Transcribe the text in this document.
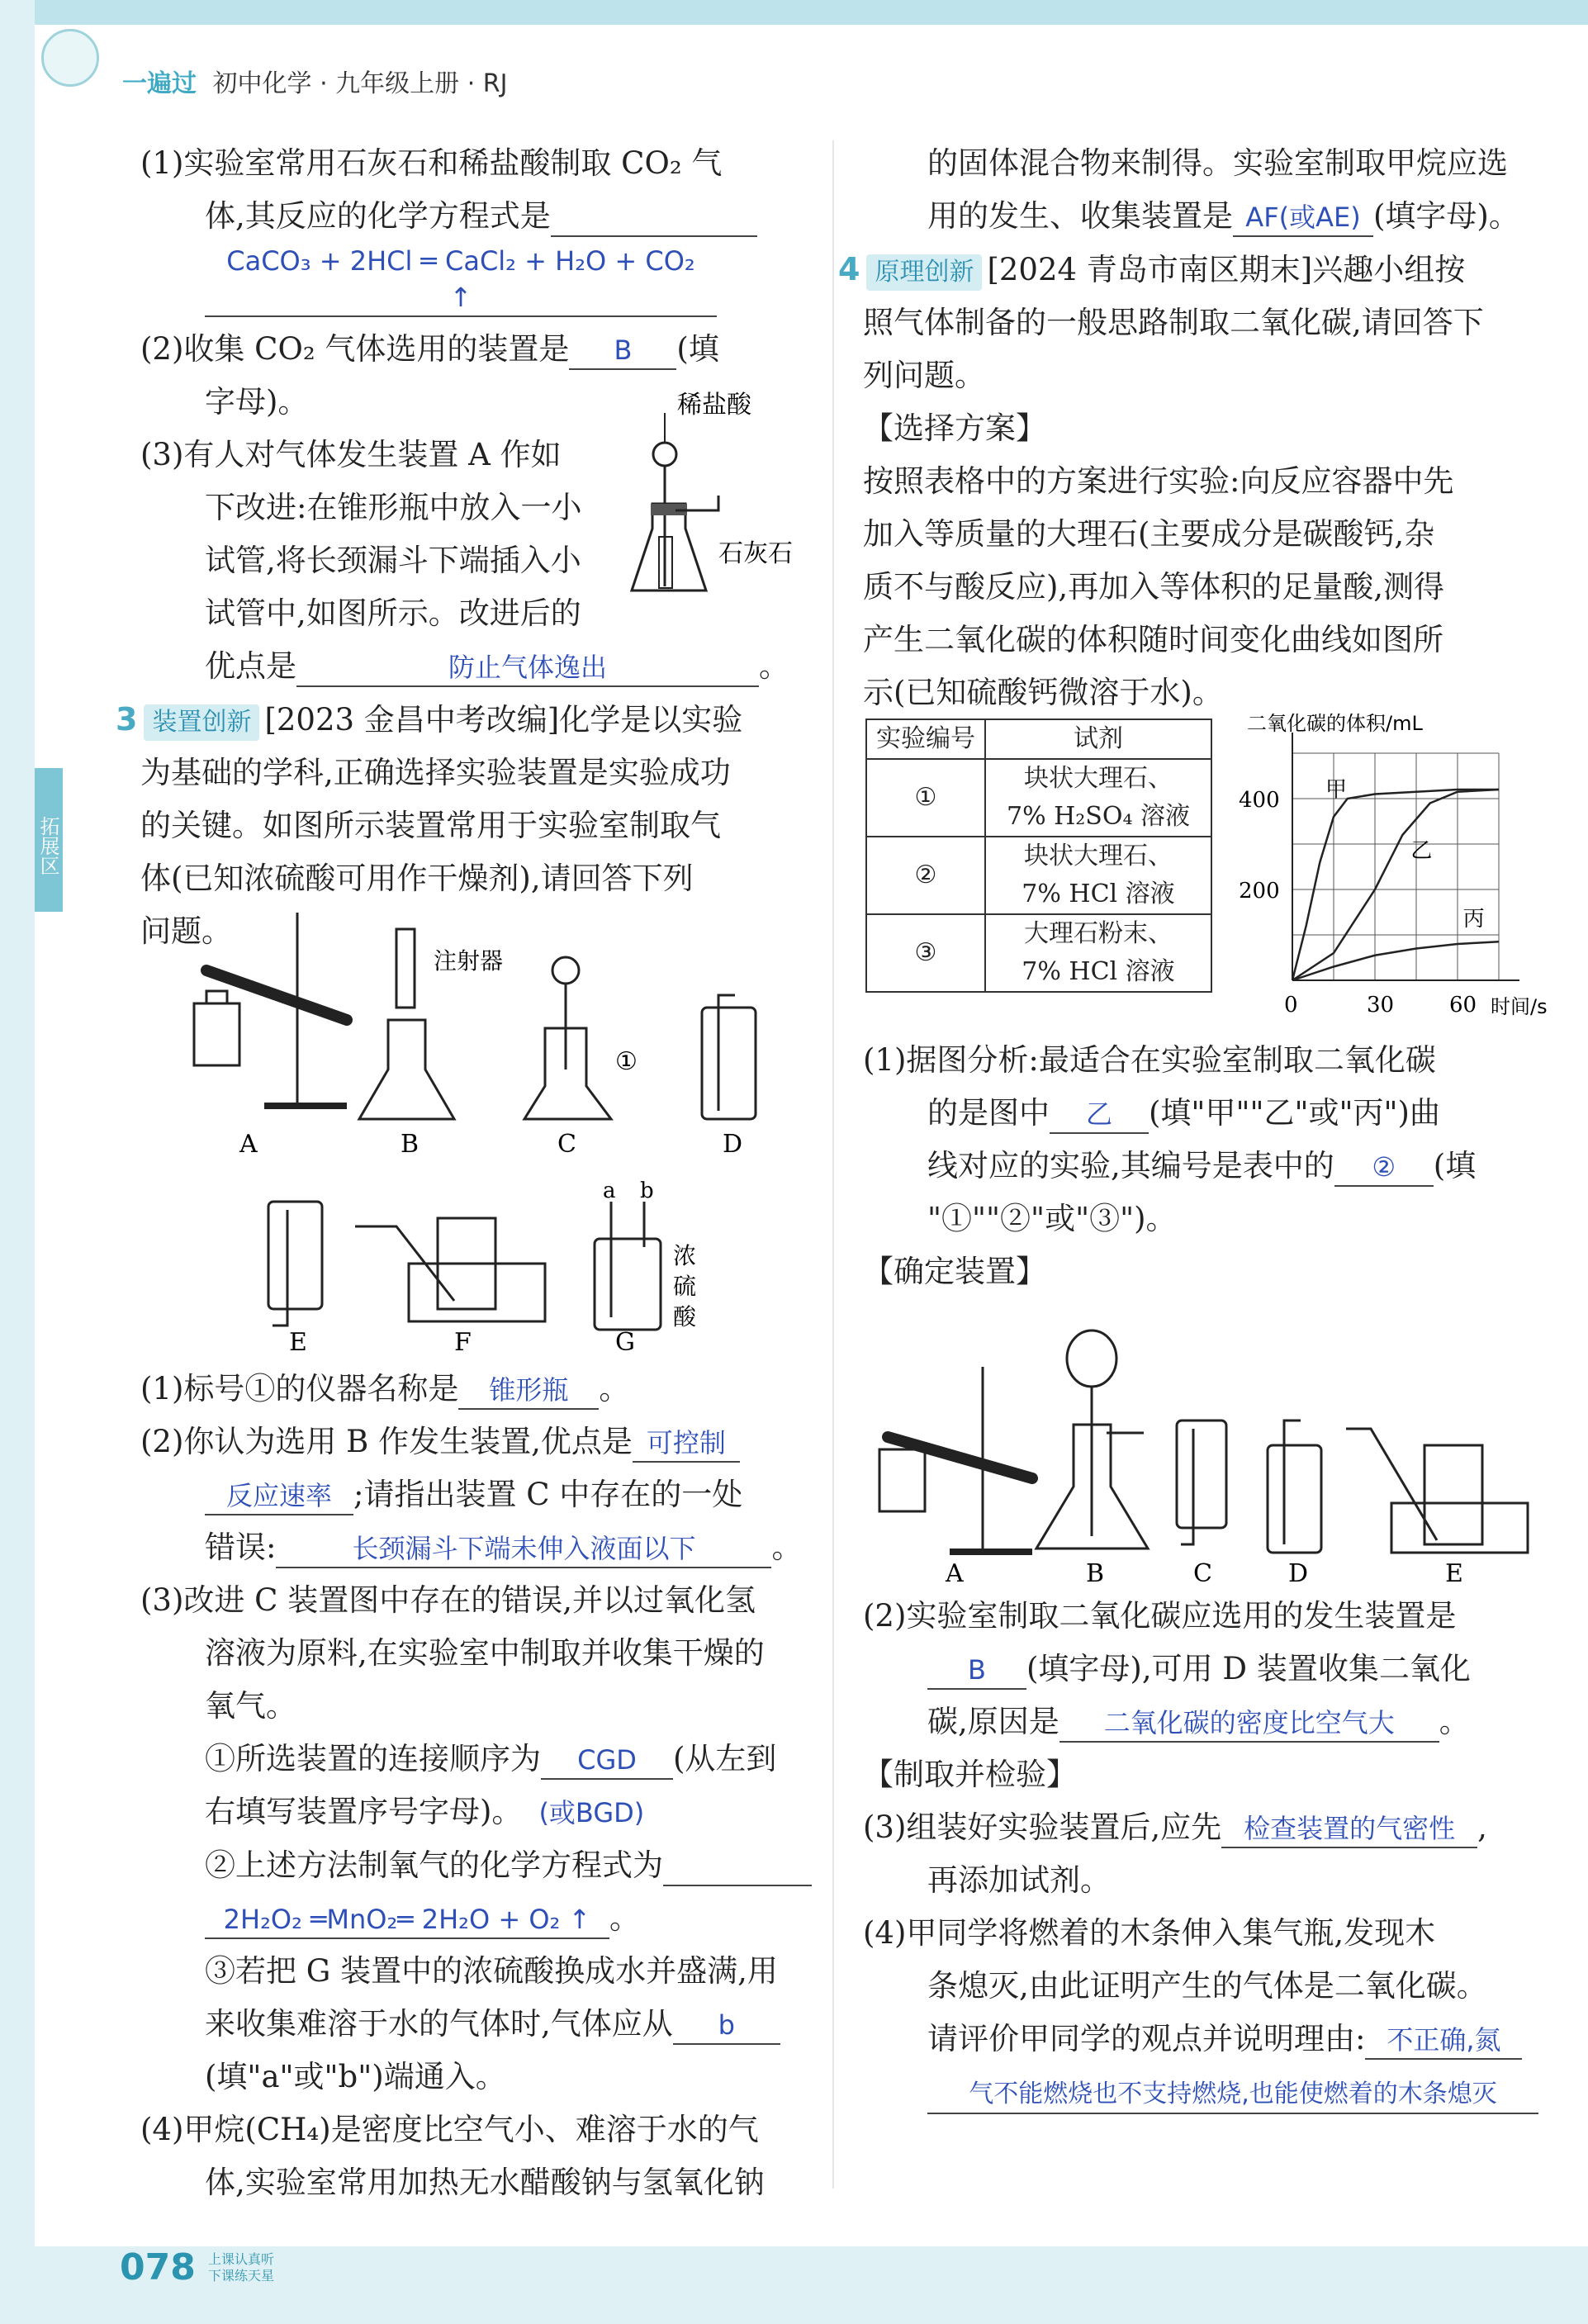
一遍过 初中化学 · 九年级上册 · RJ
拓展区

(1)实验室常用石灰石和稀盐酸制取 CO₂ 气

体,其反应的化学方程式是

CaCO₃ + 2HCl ═ CaCl₂ + H₂O + CO₂ ↑

(2)收集 CO₂ 气体选用的装置是 B (填

字母)。

(3)有人对气体发生装置 A 作如

下改进:在锥形瓶中放入一小

试管,将长颈漏斗下端插入小

试管中,如图所示。改进后的

优点是	防止气体逸出	。

3 装置创新 [2023 金昌中考改编]化学是以实验

为基础的学科,正确选择实验装置是实验成功

的关键。如图所示装置常用于实验室制取气

体(已知浓硫酸可用作干燥剂),请回答下列

问题。

稀盐酸
石灰石
A
注射器
B
①
C	D
E	F
a b
浓
硫
酸
G

(1)标号①的仪器名称是 锥形瓶 。

(2)你认为选用 B 作发生装置,优点是 可控制

反应速率 ;请指出装置 C 中存在的一处

错误:	长颈漏斗下端未伸入液面以下 。

(3)改进 C 装置图中存在的错误,并以过氧化氢

溶液为原料,在实验室中制取并收集干燥的

氧气。

①所选装置的连接顺序为 CGD (从左到

右填写装置序号字母)。 (或BGD)

②上述方法制氧气的化学方程式为

2H₂O₂ ═MnO₂═ 2H₂O + O₂ ↑ 。

③若把 G 装置中的浓硫酸换成水并盛满,用

来收集难溶于水的气体时,气体应从 b

(填"a"或"b")端通入。

(4)甲烷(CH₄)是密度比空气小、难溶于水的气

体,实验室常用加热无水醋酸钠与氢氧化钠

的固体混合物来制得。实验室制取甲烷应选

用的发生、收集装置是 AF(或AE) (填字母)。

4 原理创新 [2024 青岛市南区期末]兴趣小组按

照气体制备的一般思路制取二氧化碳,请回答下

列问题。

【选择方案】

按照表格中的方案进行实验:向反应容器中先

加入等质量的大理石(主要成分是碳酸钙,杂

质不与酸反应),再加入等体积的足量酸,测得

产生二氧化碳的体积随时间变化曲线如图所

示(已知硫酸钙微溶于水)。

实验编号	试剂
①	块状大理石、
7% H₂SO₄ 溶液

②	块状大理石、
7% HCl 溶液

③	大理石粉末、
7% HCl 溶液
二氧化碳的体积/mL
时间/s
0	30	60
200
400 甲
乙
丙

(1)据图分析:最适合在实验室制取二氧化碳

的是图中 乙 (填"甲""乙"或"丙")曲

线对应的实验,其编号是表中的 ② (填

"①""②"或"③")。

【确定装置】

A	B	C	D	E

(2)实验室制取二氧化碳应选用的发生装置是

B (填字母),可用 D 装置收集二氧化

碳,原因是 二氧化碳的密度比空气大 。

【制取并检验】

(3)组装好实验装置后,应先 检查装置的气密性 ,

再添加试剂。

(4)甲同学将燃着的木条伸入集气瓶,发现木

条熄灭,由此证明产生的气体是二氧化碳。

请评价甲同学的观点并说明理由: 不正确,氮

气不能燃烧也不支持燃烧,也能使燃着的木条熄灭

078 上课认真听
下课练天星
